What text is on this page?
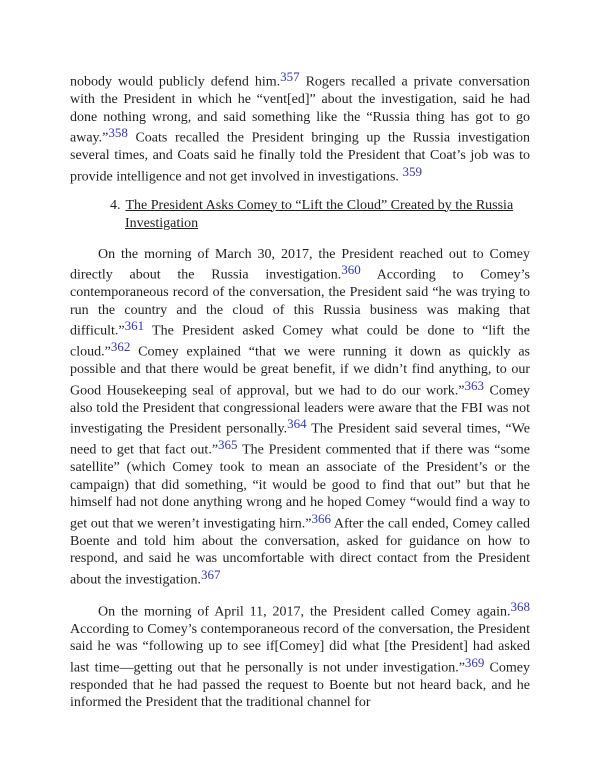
nobody would publicly defend him.$^{357}$ Rogers recalled a private conversation with the President in which he “vent[ed]” about the investigation, said he had done nothing wrong, and said something like the “Russia thing has got to go away.”$^{358}$ Coats recalled the President bringing up the Russia investigation several times, and Coats said he finally told the President that Coat’s job was to provide intelligence and not get involved in investigations. $^{359}$

4. The President Asks Comey to “Lift the Cloud” Created by the Russia
Investigation

On the morning of March 30, 2017, the President reached out to Comey directly about the Russia investigation.$^{360}$ According to Comey’s contemporaneous record of the conversation, the President said “he was trying to run the country and the cloud of this Russia business was making that difficult.”$^{361}$ The President asked Comey what could be done to “lift the cloud.”$^{362}$ Comey explained “that we were running it down as quickly as possible and that there would be great benefit, if we didn’t find anything, to our Good Housekeeping seal of approval, but we had to do our work.”$^{363}$ Comey also told the President that congressional leaders were aware that the FBI was not investigating the President personally.$^{364}$ The President said several times, “We need to get that fact out.”$^{365}$ The President commented that if there was “some satellite” (which Comey took to mean an associate of the President’s or the campaign) that did something, “it would be good to find that out” but that he himself had not done anything wrong and he hoped Comey “would find a way to get out that we weren’t investigating hirn.”$^{366}$ After the call ended, Comey called Boente and told him about the conversation, asked for guidance on how to respond, and said he was uncomfortable with direct contact from the President about the investigation.$^{367}$

On the morning of April 11, 2017, the President called Comey again.$^{368}$ According to Comey’s contemporaneous record of the conversation, the President said he was “following up to see if[Comey] did what [the President] had asked last time—getting out that he personally is not under investigation.”$^{369}$ Comey responded that he had passed the request to Boente but not heard back, and he informed the President that the traditional channel for
